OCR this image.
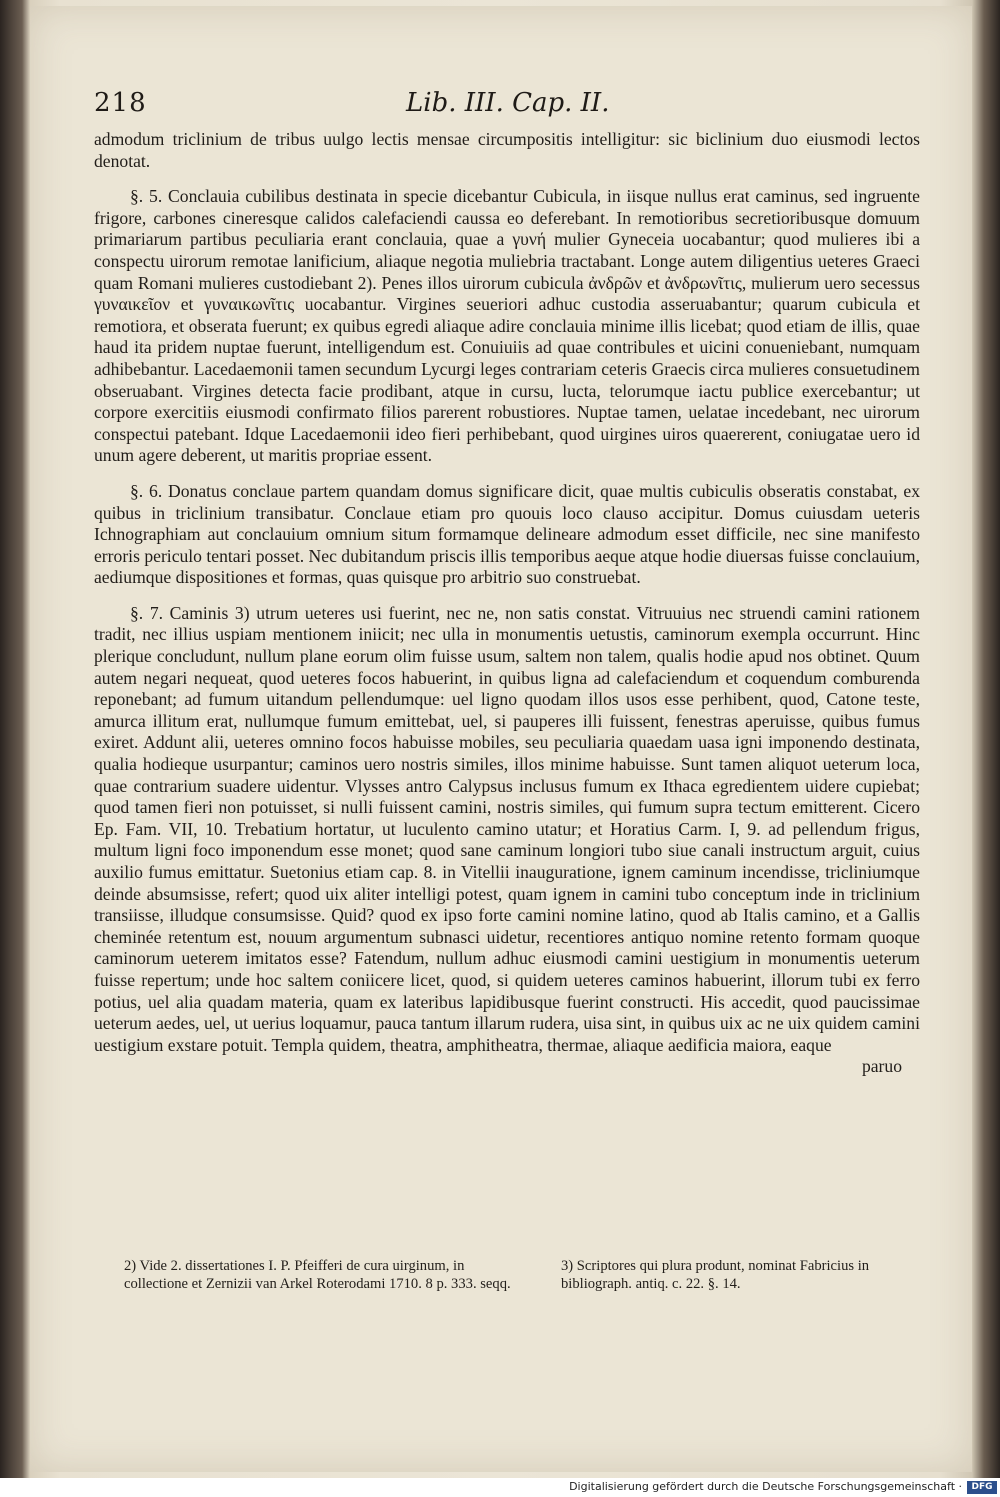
218	Lib. III. Cap. II.

admodum triclinium de tribus uulgo lectis mensae circumpositis intelligitur: sic biclinium duo eiusmodi lectos denotat.

§. 5. Conclauia cubilibus destinata in specie dicebantur Cubicula, in iisque nullus erat caminus, sed ingruente frigore, carbones cineresque calidos calefaciendi caussa eo deferebant. In remotioribus secretioribusque domuum primariarum partibus peculiaria erant conclauia, quae a γυνή mulier Gyneceia uocabantur; quod mulieres ibi a conspectu uirorum remotae lanificium, aliaque negotia muliebria tractabant. Longe autem diligentius ueteres Graeci quam Romani mulieres custodiebant 2). Penes illos uirorum cubicula ἀνδρῶν et ἀνδρωνῖτις, mulierum uero secessus γυναικεῖον et γυναικωνῖτις uocabantur. Virgines seueriori adhuc custodia asseruabantur; quarum cubicula et remotiora, et obserata fuerunt; ex quibus egredi aliaque adire conclauia minime illis licebat; quod etiam de illis, quae haud ita pridem nuptae fuerunt, intelligendum est. Conuiuiis ad quae contribules et uicini conueniebant, numquam adhibebantur. Lacedaemonii tamen secundum Lycurgi leges contrariam ceteris Graecis circa mulieres consuetudinem obseruabant. Virgines detecta facie prodibant, atque in cursu, lucta, telorumque iactu publice exercebantur; ut corpore exercitiis eiusmodi confirmato filios parerent robustiores. Nuptae tamen, uelatae incedebant, nec uirorum conspectui patebant. Idque Lacedaemonii ideo fieri perhibebant, quod uirgines uiros quaererent, coniugatae uero id unum agere deberent, ut maritis propriae essent.

§. 6. Donatus conclaue partem quandam domus significare dicit, quae multis cubiculis obseratis constabat, ex quibus in triclinium transibatur. Conclaue etiam pro quouis loco clauso accipitur. Domus cuiusdam ueteris Ichnographiam aut conclauium omnium situm formamque delineare admodum esset difficile, nec sine manifesto erroris periculo tentari posset. Nec dubitandum priscis illis temporibus aeque atque hodie diuersas fuisse conclauium, aediumque dispositiones et formas, quas quisque pro arbitrio suo construebat.

§. 7. Caminis 3) utrum ueteres usi fuerint, nec ne, non satis constat. Vitruuius nec struendi camini rationem tradit, nec illius uspiam mentionem iniicit; nec ulla in monumentis uetustis, caminorum exempla occurrunt. Hinc plerique concludunt, nullum plane eorum olim fuisse usum, saltem non talem, qualis hodie apud nos obtinet. Quum autem negari nequeat, quod ueteres focos habuerint, in quibus ligna ad calefaciendum et coquendum comburenda reponebant; ad fumum uitandum pellendumque: uel ligno quodam illos usos esse perhibent, quod, Catone teste, amurca illitum erat, nullumque fumum emittebat, uel, si pauperes illi fuissent, fenestras aperuisse, quibus fumus exiret. Addunt alii, ueteres omnino focos habuisse mobiles, seu peculiaria quaedam uasa igni imponendo destinata, qualia hodieque usurpantur; caminos uero nostris similes, illos minime habuisse. Sunt tamen aliquot ueterum loca, quae contrarium suadere uidentur. Vlysses antro Calypsus inclusus fumum ex Ithaca egredientem uidere cupiebat; quod tamen fieri non potuisset, si nulli fuissent camini, nostris similes, qui fumum supra tectum emitterent. Cicero Ep. Fam. VII, 10. Trebatium hortatur, ut luculento camino utatur; et Horatius Carm. I, 9. ad pellendum frigus, multum ligni foco imponendum esse monet; quod sane caminum longiori tubo siue canali instructum arguit, cuius auxilio fumus emittatur. Suetonius etiam cap. 8. in Vitellii inauguratione, ignem caminum incendisse, tricliniumque deinde absumsisse, refert; quod uix aliter intelligi potest, quam ignem in camini tubo conceptum inde in triclinium transiisse, illudque consumsisse. Quid? quod ex ipso forte camini nomine latino, quod ab Italis camino, et a Gallis cheminée retentum est, nouum argumentum subnasci uidetur, recentiores antiquo nomine retento formam quoque caminorum ueterem imitatos esse? Fatendum, nullum adhuc eiusmodi camini uestigium in monumentis ueterum fuisse repertum; unde hoc saltem coniicere licet, quod, si quidem ueteres caminos habuerint, illorum tubi ex ferro potius, uel alia quadam materia, quam ex lateribus lapidibusque fuerint constructi. His accedit, quod paucissimae ueterum aedes, uel, ut uerius loquamur, pauca tantum illarum rudera, uisa sint, in quibus uix ac ne uix quidem camini uestigium exstare potuit. Templa quidem, theatra, amphitheatra, thermae, aliaque aedificia maiora, eaque

paruo

2) Vide 2. dissertationes I. P. Pfeifferi de cura uirginum, in collectione et Zernizii van Arkel Roterodami 1710. 8 p. 333. seqq.
3) Scriptores qui plura produnt, nominat Fabricius in bibliograph. antiq. c. 22. §. 14.
Digitalisierung gefördert durch die Deutsche Forschungsgemeinschaft ·	DFG
